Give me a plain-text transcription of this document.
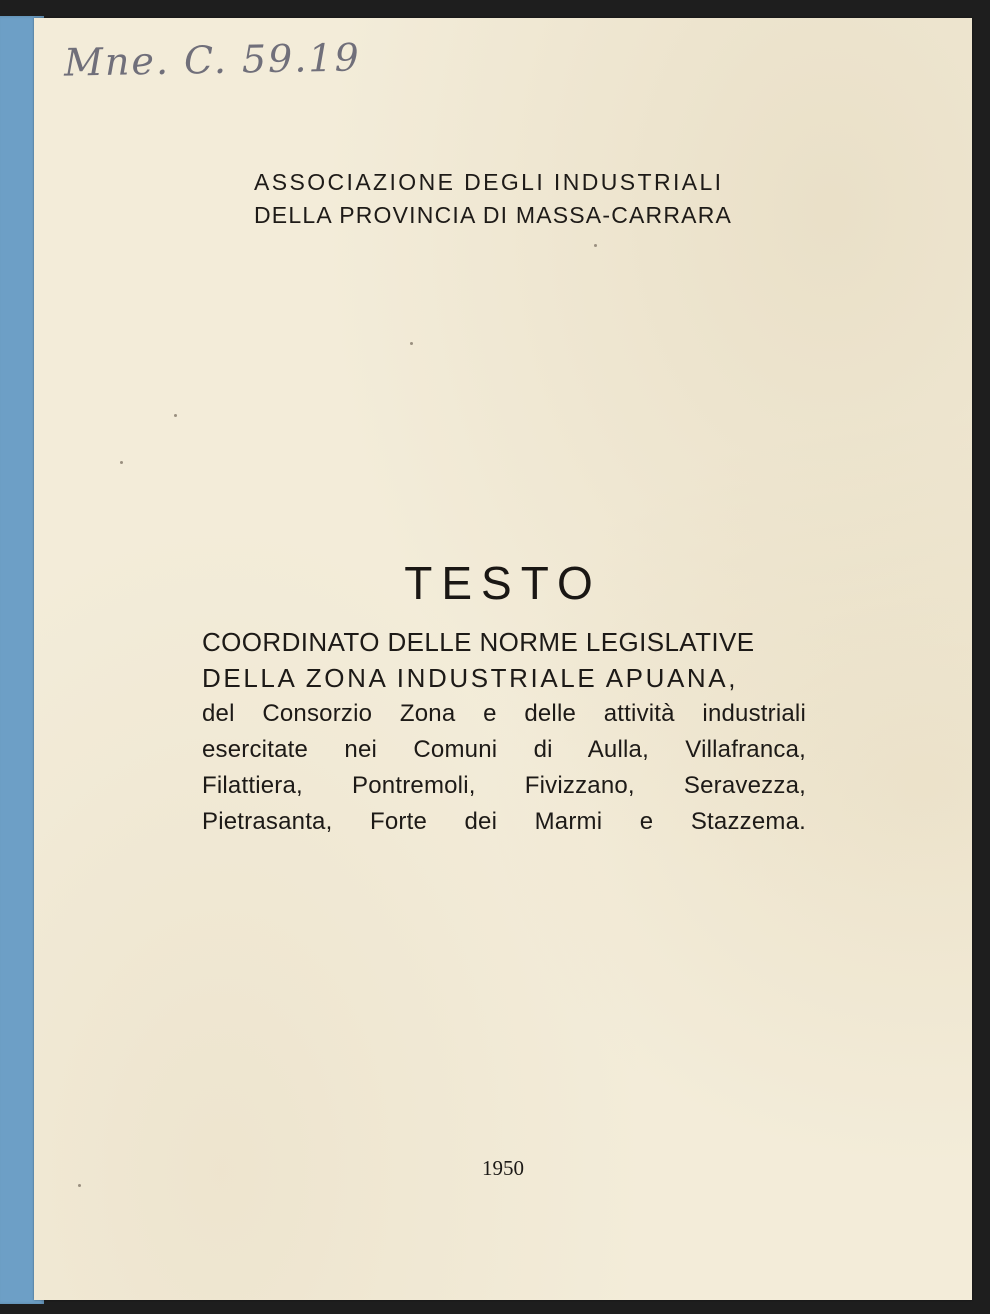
Mne. C. 59.19
ASSOCIAZIONE DEGLI INDUSTRIALI
DELLA PROVINCIA DI MASSA-CARRARA
TESTO
COORDINATO DELLE NORME LEGISLATIVE
DELLA ZONA INDUSTRIALE APUANA,
del Consorzio Zona e delle attività industriali
esercitate nei Comuni di Aulla, Villafranca,
Filattiera, Pontremoli, Fivizzano, Seravezza,
Pietrasanta, Forte dei Marmi e Stazzema.
1950
